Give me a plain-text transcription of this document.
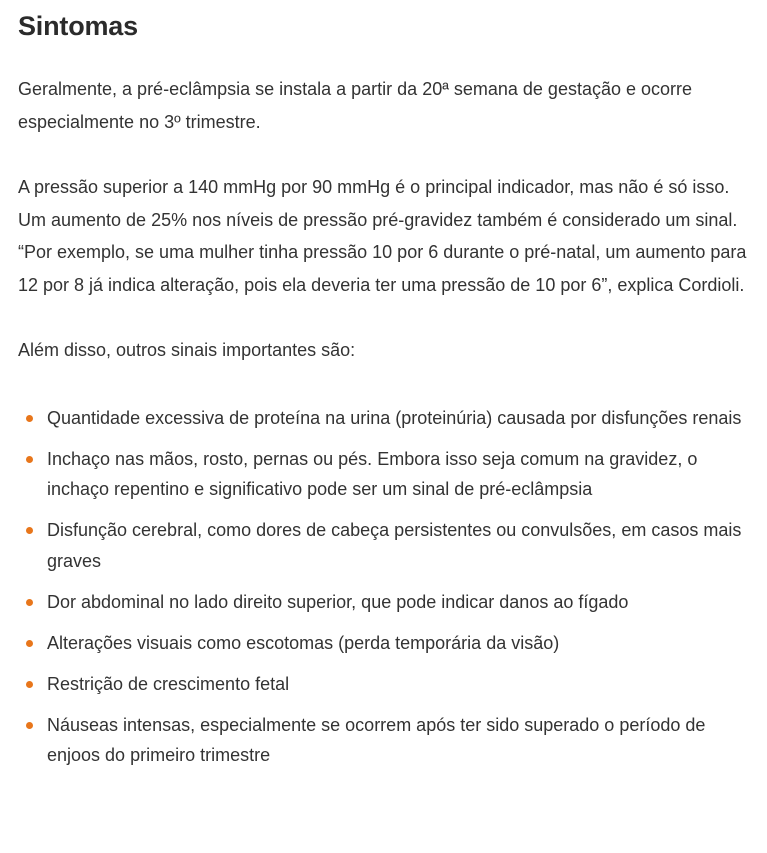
Sintomas

Geralmente, a pré-eclâmpsia se instala a partir da 20ª semana de gestação e ocorre especialmente no 3º trimestre.

A pressão superior a 140 mmHg por 90 mmHg é o principal indicador, mas não é só isso. Um aumento de 25% nos níveis de pressão pré-gravidez também é considerado um sinal. “Por exemplo, se uma mulher tinha pressão 10 por 6 durante o pré-natal, um aumento para 12 por 8 já indica alteração, pois ela deveria ter uma pressão de 10 por 6”, explica Cordioli.

Além disso, outros sinais importantes são:

Quantidade excessiva de proteína na urina (proteinúria) causada por disfunções renais
Inchaço nas mãos, rosto, pernas ou pés. Embora isso seja comum na gravidez, o inchaço repentino e significativo pode ser um sinal de pré-eclâmpsia
Disfunção cerebral, como dores de cabeça persistentes ou convulsões, em casos mais graves
Dor abdominal no lado direito superior, que pode indicar danos ao fígado
Alterações visuais como escotomas (perda temporária da visão)
Restrição de crescimento fetal
Náuseas intensas, especialmente se ocorrem após ter sido superado o período de enjoos do primeiro trimestre
